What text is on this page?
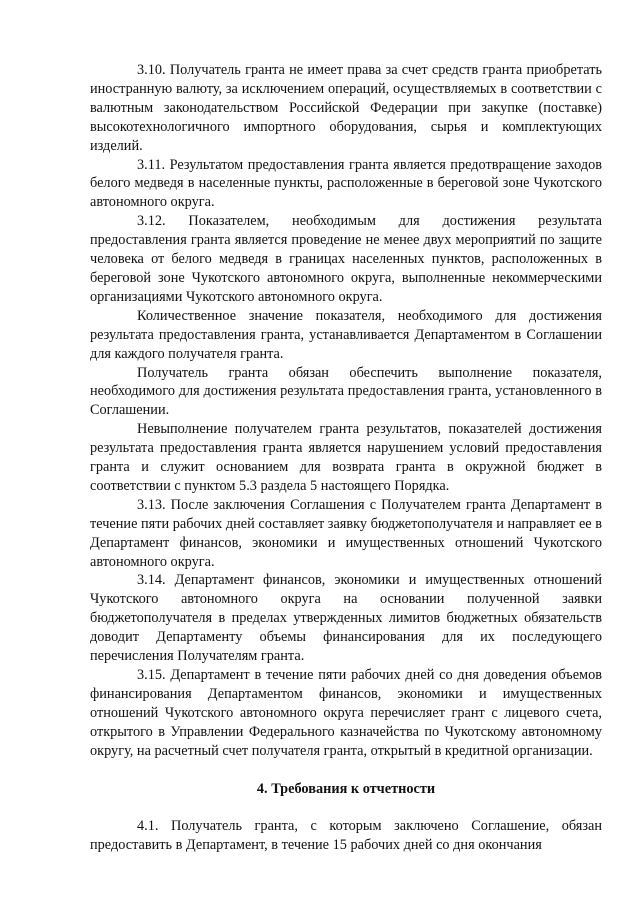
3.10. Получатель гранта не имеет права за счет средств гранта приобретать иностранную валюту, за исключением операций, осуществляемых в соответствии с валютным законодательством Российской Федерации при закупке (поставке) высокотехнологичного импортного оборудования, сырья и комплектующих изделий.

3.11. Результатом предоставления гранта является предотвращение заходов белого медведя в населенные пункты, расположенные в береговой зоне Чукотского автономного округа.

3.12. Показателем, необходимым для достижения результата предоставления гранта является проведение не менее двух мероприятий по защите человека от белого медведя в границах населенных пунктов, расположенных в береговой зоне Чукотского автономного округа, выполненные некоммерческими организациями Чукотского автономного округа.

Количественное значение показателя, необходимого для достижения результата предоставления гранта, устанавливается Департаментом в Соглашении для каждого получателя гранта.

Получатель гранта обязан обеспечить выполнение показателя, необходимого для достижения результата предоставления гранта, установленного в Соглашении.

Невыполнение получателем гранта результатов, показателей достижения результата предоставления гранта является нарушением условий предоставления гранта и служит основанием для возврата гранта в окружной бюджет в соответствии с пунктом 5.3 раздела 5 настоящего Порядка.

3.13. После заключения Соглашения с Получателем гранта Департамент в течение пяти рабочих дней составляет заявку бюджетополучателя и направляет ее в Департамент финансов, экономики и имущественных отношений Чукотского автономного округа.

3.14. Департамент финансов, экономики и имущественных отношений Чукотского автономного округа на основании полученной заявки бюджетополучателя в пределах утвержденных лимитов бюджетных обязательств доводит Департаменту объемы финансирования для их последующего перечисления Получателям гранта.

3.15. Департамент в течение пяти рабочих дней со дня доведения объемов финансирования Департаментом финансов, экономики и имущественных отношений Чукотского автономного округа перечисляет грант с лицевого счета, открытого в Управлении Федерального казначейства по Чукотскому автономному округу, на расчетный счет получателя гранта, открытый в кредитной организации.

4. Требования к отчетности

4.1. Получатель гранта, с которым заключено Соглашение, обязан предоставить в Департамент, в течение 15 рабочих дней со дня окончания
